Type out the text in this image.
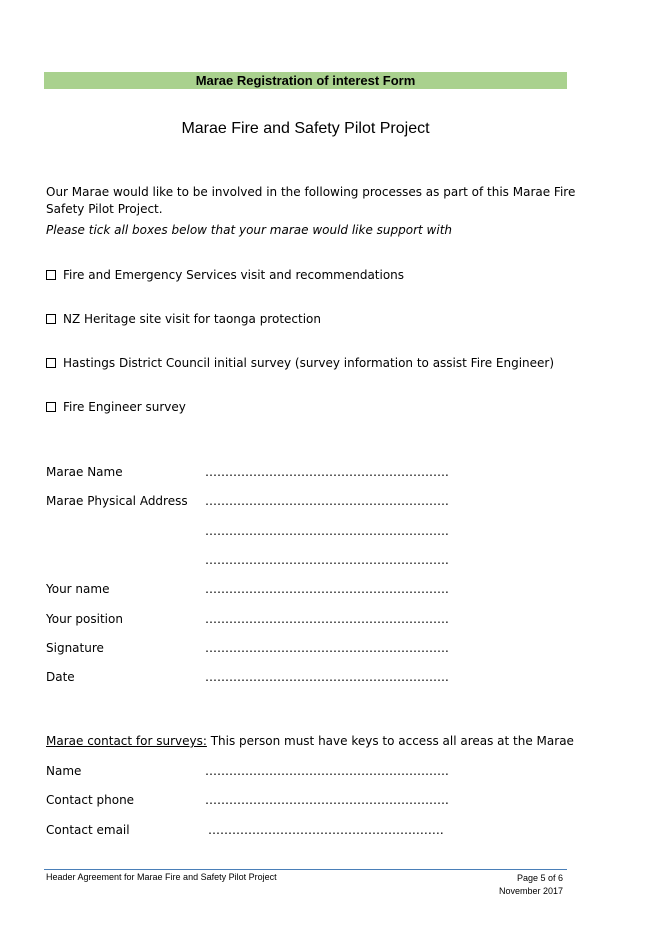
Marae Registration of interest Form
Marae Fire and Safety Pilot Project
Our Marae would like to be involved in the following processes as part of this Marae Fire Safety Pilot Project.
Please tick all boxes below that your marae would like support with
Fire and Emergency Services visit and recommendations
NZ Heritage site visit for taonga protection
Hastings District Council initial survey (survey information to assist Fire Engineer)
Fire Engineer survey
Marae Name	…………………………………………………….
Marae Physical Address …………………………………………………….
…………………………………………………….
…………………………………………………….
Your name	…………………………………………………….
Your position	…………………………………………………….
Signature	…………………………………………………….
Date	…………………………………………………….
Marae contact for surveys: This person must have keys to access all areas at the Marae
Name	…………………………………………………….
Contact phone	…………………………………………………….
Contact email	…………………………………………….…….
Header Agreement for Marae Fire and Safety Pilot Project	Page 5 of 6
November 2017
